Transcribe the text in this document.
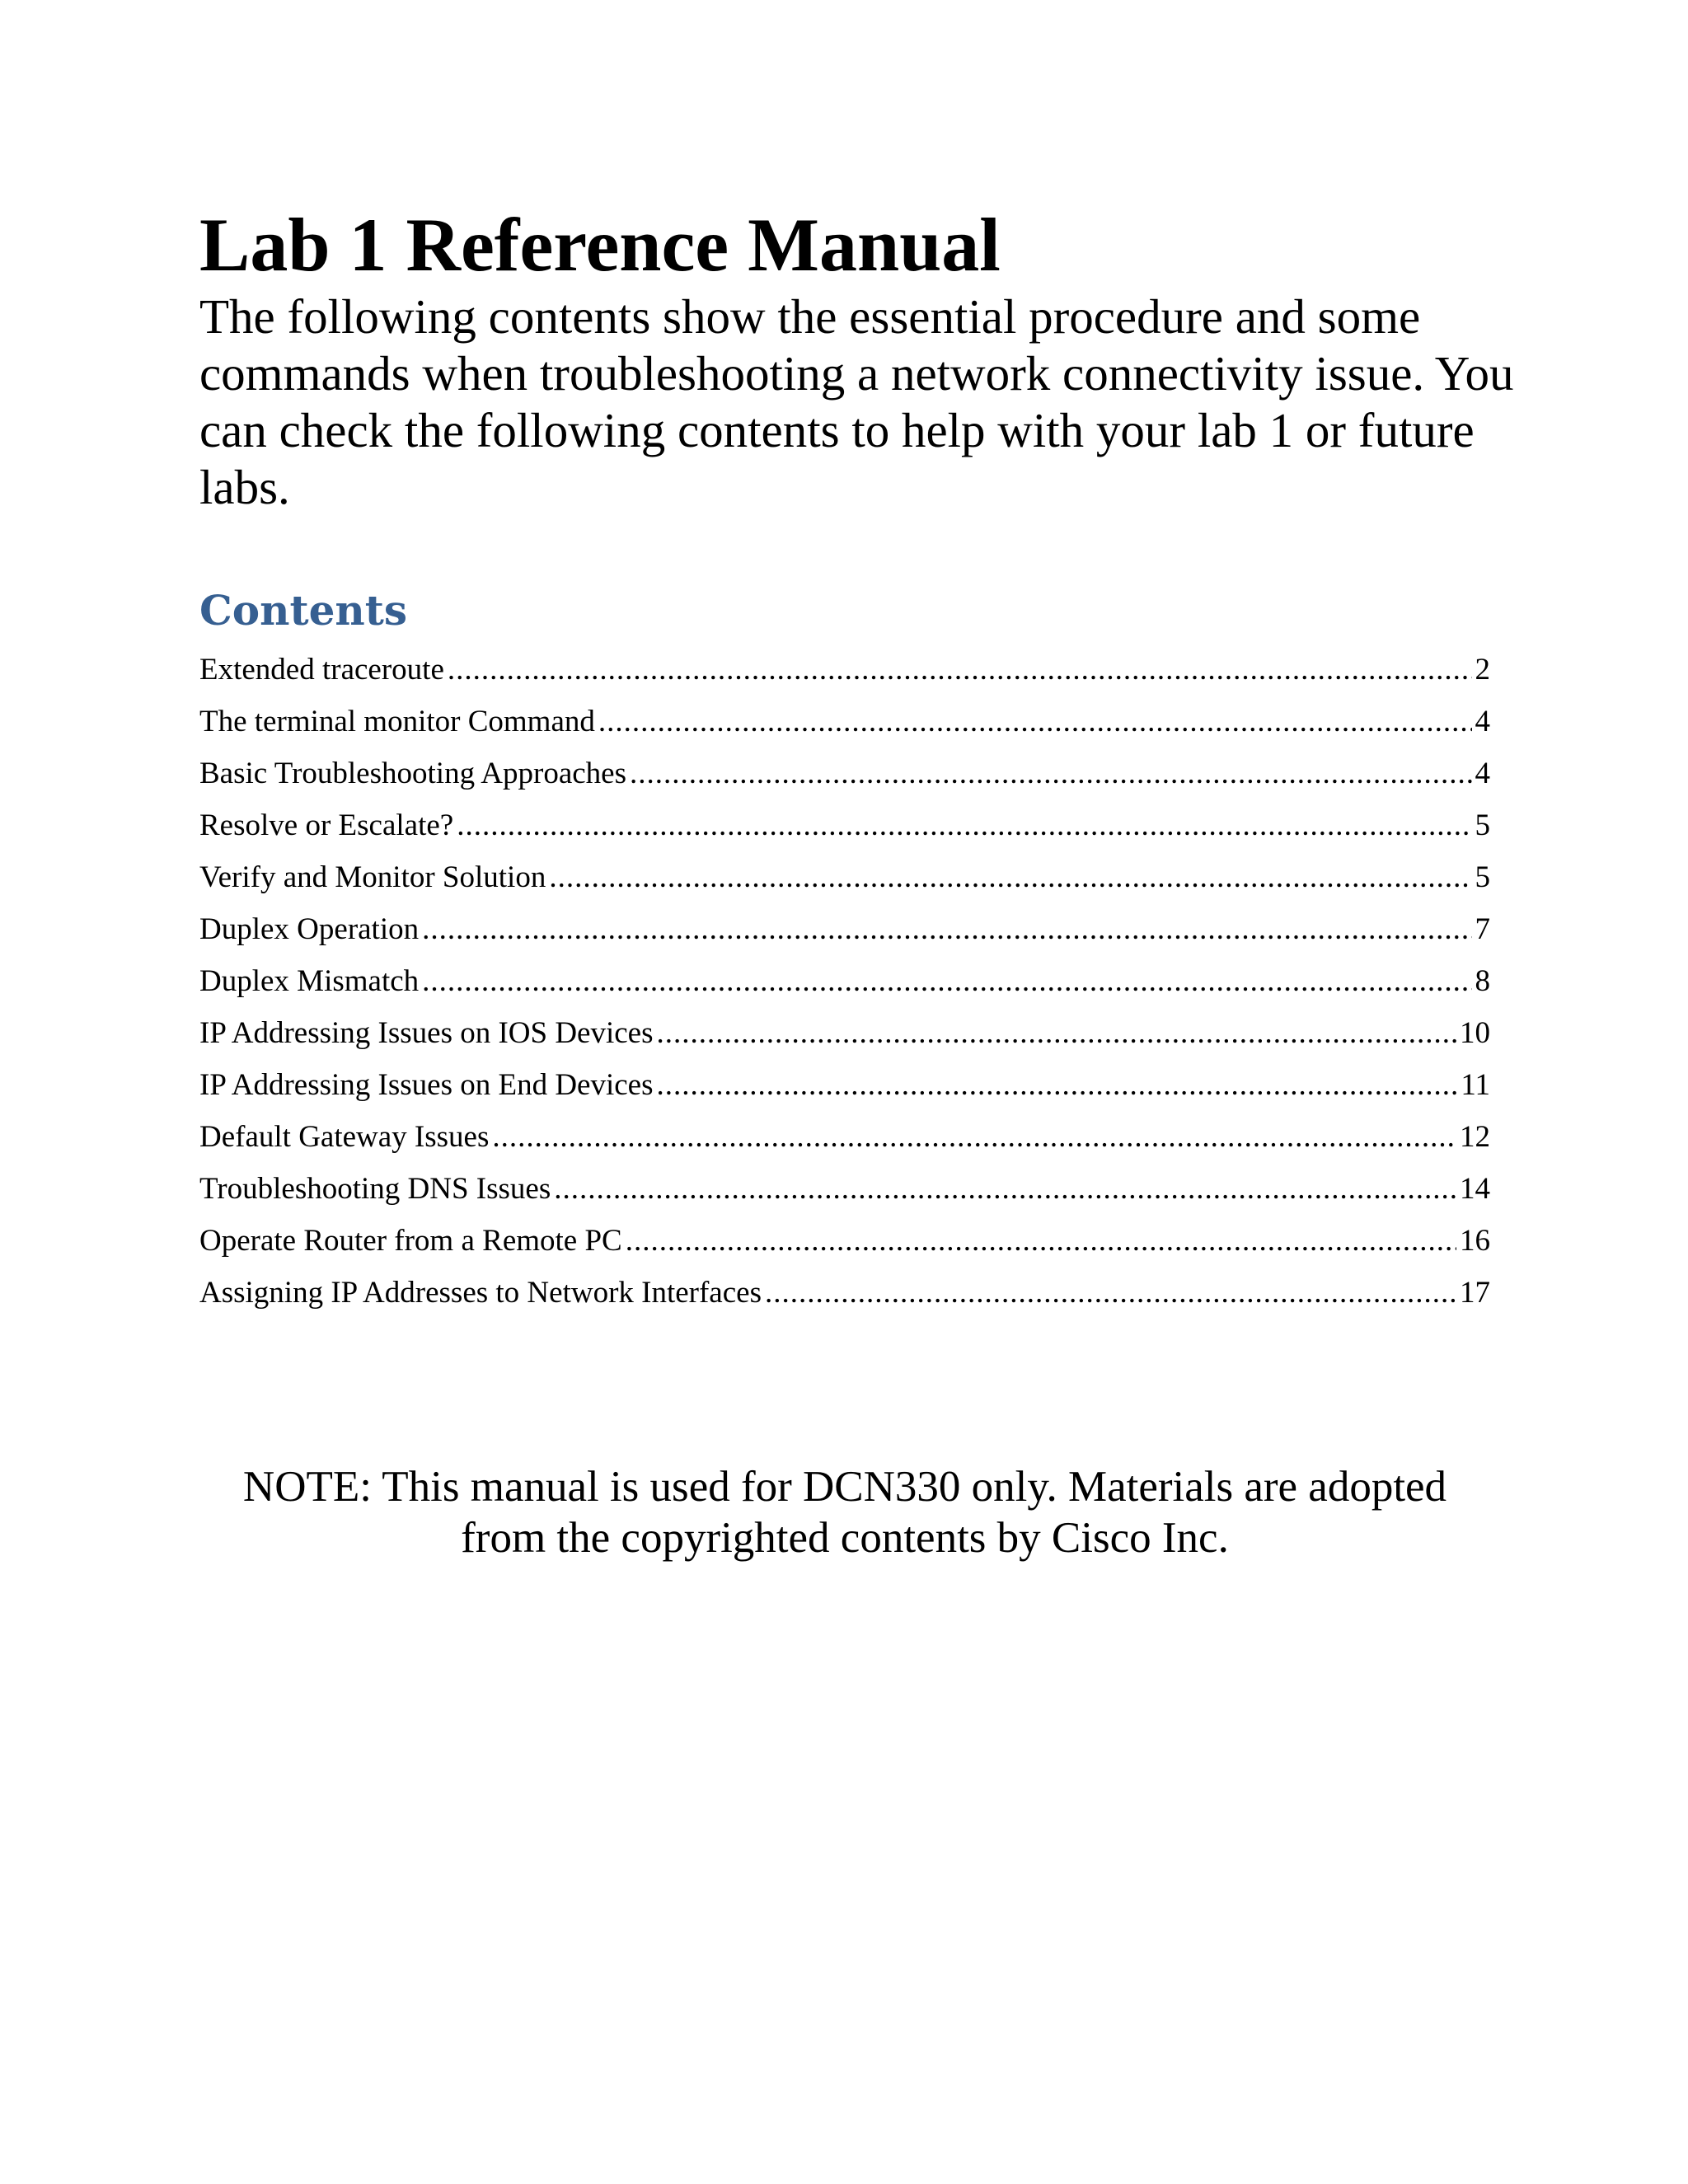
Lab 1 Reference Manual

The following contents show the essential procedure and some commands when troubleshooting a network connectivity issue. You can check the following contents to help with your lab 1 or future labs.

Contents
Extended traceroute .....	2
The terminal monitor Command .....	4
Basic Troubleshooting Approaches .....	4
Resolve or Escalate? .....	5
Verify and Monitor Solution .....	5
Duplex Operation .....	7
Duplex Mismatch .....	8
IP Addressing Issues on IOS Devices .....	10
IP Addressing Issues on End Devices .....	11
Default Gateway Issues .....	12
Troubleshooting DNS Issues .....	14
Operate Router from a Remote PC .....	16
Assigning IP Addresses to Network Interfaces .....	17
NOTE: This manual is used for DCN330 only. Materials are adopted
from the copyrighted contents by Cisco Inc.
